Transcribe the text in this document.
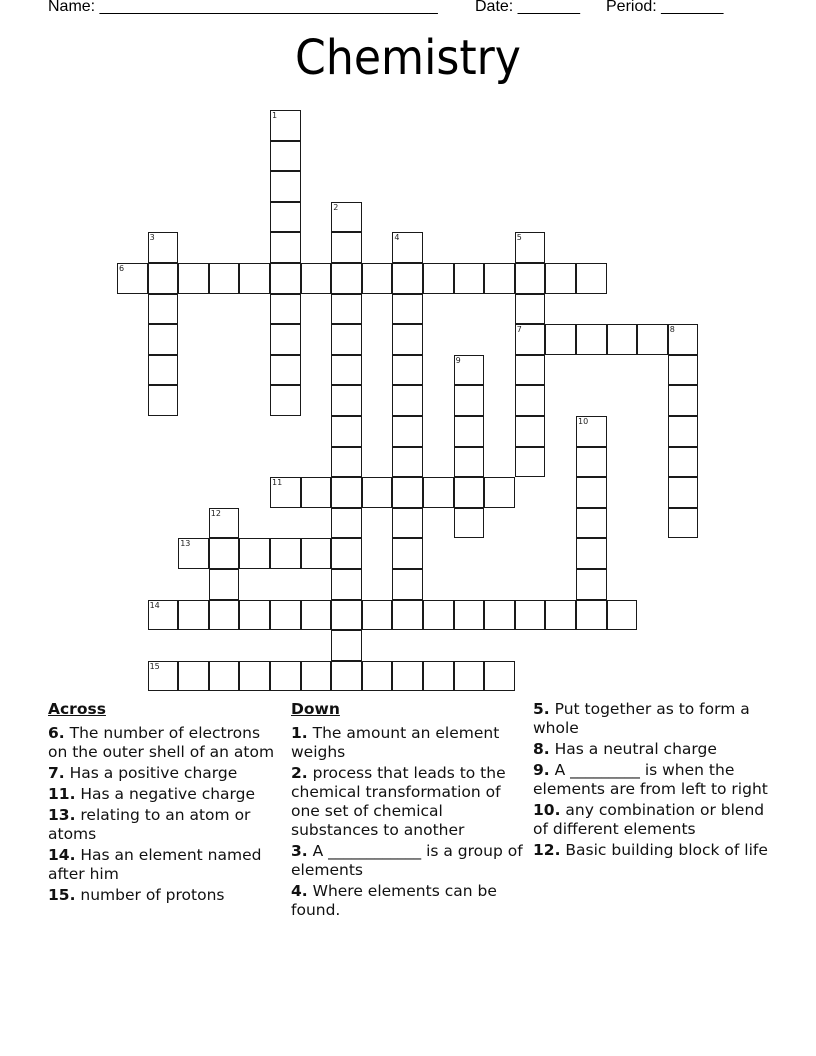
Name: ______________________________________ Date: _______ Period: _______
Chemistry
1
2
3	4	5
7
6
8
9
10
11
12
13
14
15
Across
6. The number of electrons on the outer shell of an atom
7. Has a positive charge
11. Has a negative charge
13. relating to an atom or atoms
14. Has an element named after him
15. number of protons
Down
1. The amount an element weighs
2. process that leads to the chemical transformation of one set of chemical substances to another
3. A ____________ is a group of elements
4. Where elements can be found.
5. Put together as to form a whole
8. Has a neutral charge
9. A _________ is when the elements are from left to right
10. any combination or blend of different elements
12. Basic building block of life
